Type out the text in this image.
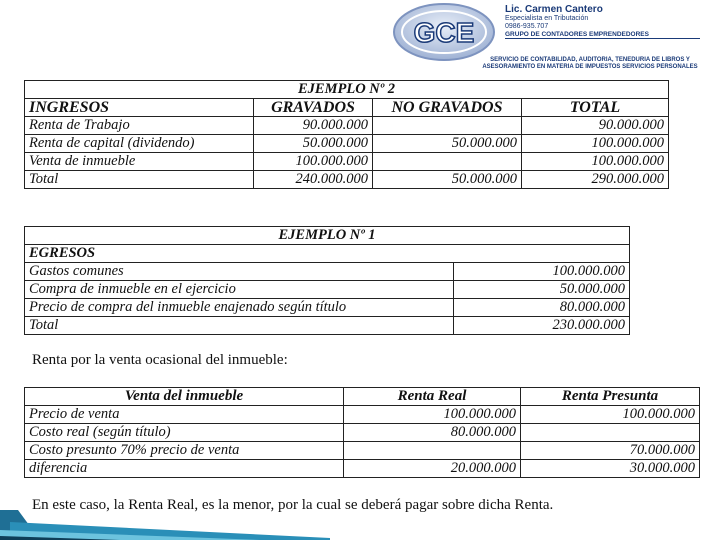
GCE
Lic. Carmen Cantero
Especialista en Tributación
0986-935.707
GRUPO DE CONTADORES EMPRENDEDORES
SERVICIO DE CONTABILIDAD, AUDITORIA, TENEDURIA DE LIBROS Y ASESORAMIENTO EN MATERIA DE IMPUESTOS SERVICIOS PERSONALES
EJEMPLO Nº 2			
INGRESOS	GRAVADOS	NO GRAVADOS	TOTAL
Renta de Trabajo	90.000.000		90.000.000
Renta de capital (dividendo)	50.000.000	50.000.000	100.000.000
Venta de inmueble	100.000.000		100.000.000
Total	240.000.000	50.000.000	290.000.000
EJEMPLO Nº 1	
EGRESOS	
Gastos comunes	100.000.000
Compra de inmueble en el ejercicio	50.000.000
Precio de compra del inmueble enajenado según título	80.000.000
Total	230.000.000
Renta por la venta ocasional del inmueble:
Venta del inmueble	Renta Real	Renta Presunta
Precio de venta	100.000.000	100.000.000
Costo real (según título)	80.000.000	
Costo presunto 70% precio de venta		70.000.000
diferencia	20.000.000	30.000.000
En este caso, la Renta Real, es la menor, por la cual se deberá pagar sobre dicha Renta.
